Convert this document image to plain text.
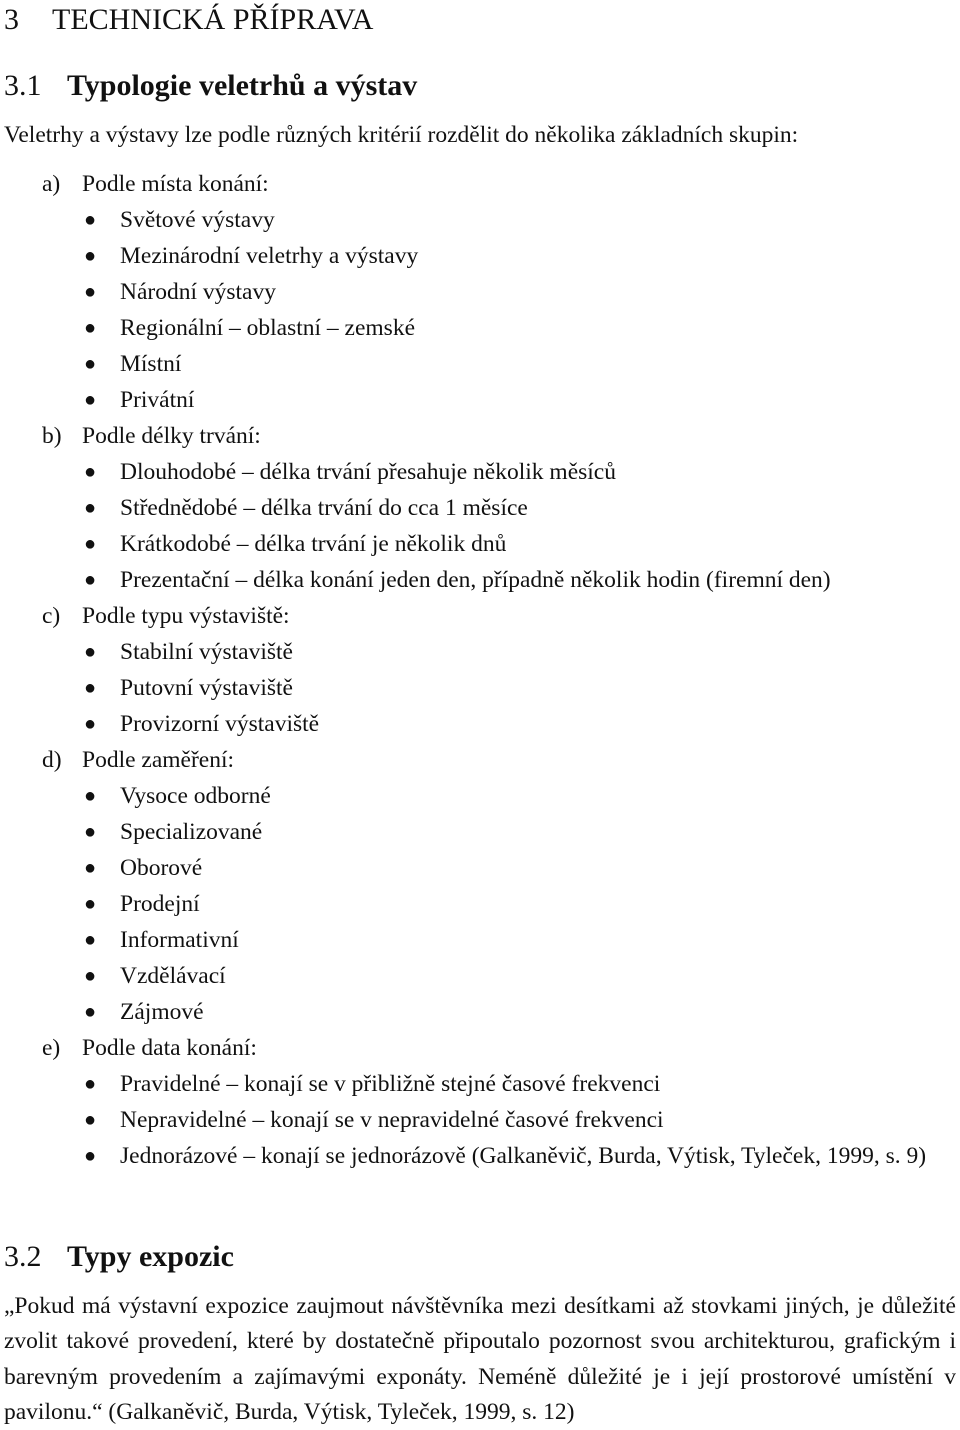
3 TECHNICKÁ PŘÍPRAVA
3.1 Typologie veletrhů a výstav
Veletrhy a výstavy lze podle různých kritérií rozdělit do několika základních skupin:
a) Podle místa konání:
● Světové výstavy
● Mezinárodní veletrhy a výstavy
● Národní výstavy
● Regionální – oblastní – zemské
● Místní
● Privátní
b) Podle délky trvání:
● Dlouhodobé – délka trvání přesahuje několik měsíců
● Střednědobé – délka trvání do cca 1 měsíce
● Krátkodobé – délka trvání je několik dnů
● Prezentační – délka konání jeden den, případně několik hodin (firemní den)
c) Podle typu výstaviště:
● Stabilní výstaviště
● Putovní výstaviště
● Provizorní výstaviště
d) Podle zaměření:
● Vysoce odborné
● Specializované
● Oborové
● Prodejní
● Informativní
● Vzdělávací
● Zájmové
e) Podle data konání:
● Pravidelné – konají se v přibližně stejné časové frekvenci
● Nepravidelné – konají se v nepravidelné časové frekvenci
● Jednorázové – konají se jednorázově (Galkaněvič, Burda, Výtisk, Tyleček, 1999, s. 9)
3.2 Typy expozic
„Pokud má výstavní expozice zaujmout návštěvníka mezi desítkami až stovkami jiných, je důležité zvolit takové provedení, které by dostatečně připoutalo pozornost svou architekturou, grafickým i barevným provedením a zajímavými exponáty. Neméně důležité je i její prostorové umístění v pavilonu.“ (Galkaněvič, Burda, Výtisk, Tyleček, 1999, s. 12)
